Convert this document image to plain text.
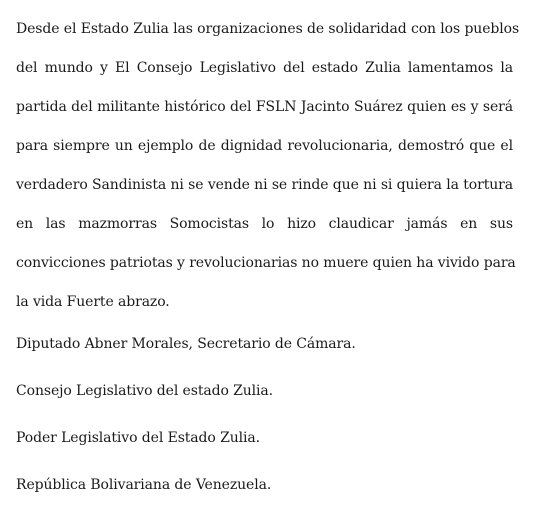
Desde el Estado Zulia las organizaciones de solidaridad con los pueblos
del mundo y El Consejo Legislativo del estado Zulia lamentamos la
partida del militante histórico del FSLN Jacinto Suárez quien es y será
para siempre un ejemplo de dignidad revolucionaria, demostró que el
verdadero Sandinista ni se vende ni se rinde que ni si quiera la tortura
en las mazmorras Somocistas lo hizo claudicar jamás en sus
convicciones patriotas y revolucionarias no muere quien ha vivido para
la vida Fuerte abrazo.

Diputado Abner Morales, Secretario de Cámara.

Consejo Legislativo del estado Zulia.

Poder Legislativo del Estado Zulia.

República Bolivariana de Venezuela.
